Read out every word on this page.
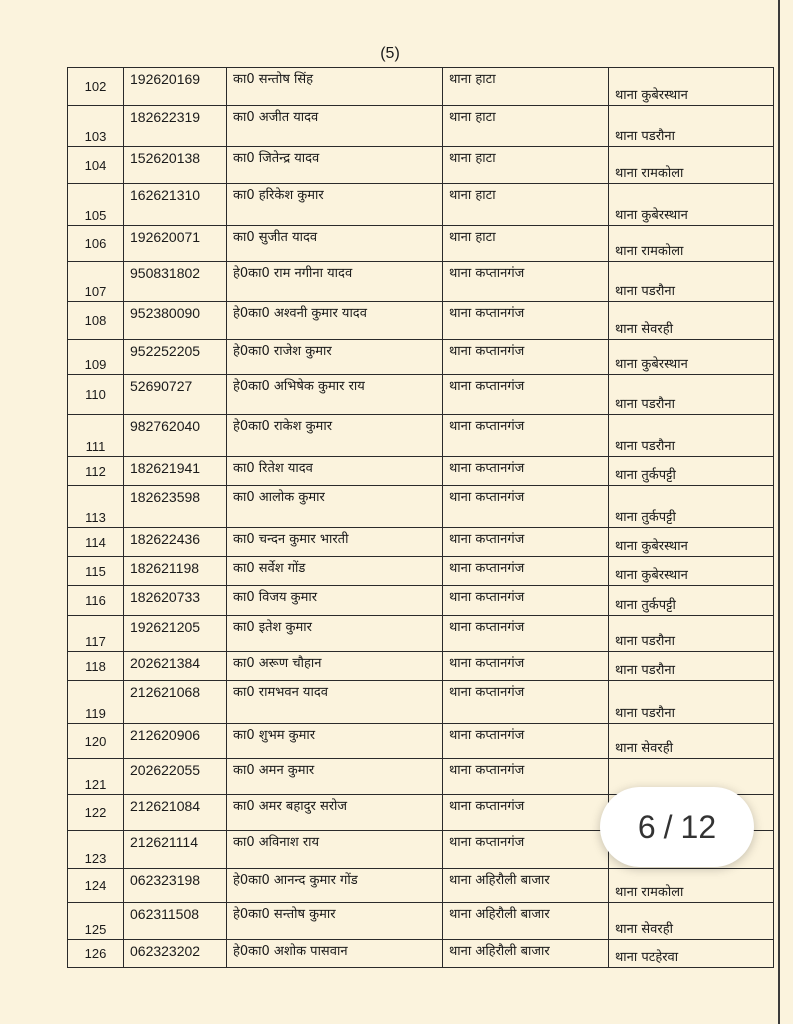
(5)
102	192620169	का0 सन्तोष सिंह	थाना हाटा	थाना कुबेरस्थान
103	182622319	का0 अजीत यादव	थाना हाटा	थाना पडरौना
104	152620138	का0 जितेन्द्र यादव	थाना हाटा	थाना रामकोला
105	162621310	का0 हरिकेश कुमार	थाना हाटा	थाना कुबेरस्थान
106	192620071	का0 सुजीत यादव	थाना हाटा	थाना रामकोला
107	950831802	हे0का0 राम नगीना यादव	थाना कप्तानगंज	थाना पडरौना
108	952380090	हे0का0 अश्वनी कुमार यादव	थाना कप्तानगंज	थाना सेवरही
109	952252205	हे0का0 राजेश कुमार	थाना कप्तानगंज	थाना कुबेरस्थान
110	52690727	हे0का0 अभिषेक कुमार राय	थाना कप्तानगंज	थाना पडरौना
111	982762040	हे0का0 राकेश कुमार	थाना कप्तानगंज	थाना पडरौना
112	182621941	का0 रितेश यादव	थाना कप्तानगंज	थाना तुर्कपट्टी
113	182623598	का0 आलोक कुमार	थाना कप्तानगंज	थाना तुर्कपट्टी
114	182622436	का0 चन्दन कुमार भारती	थाना कप्तानगंज	थाना कुबेरस्थान
115	182621198	का0 सर्वेश गोंड	थाना कप्तानगंज	थाना कुबेरस्थान
116	182620733	का0 विजय कुमार	थाना कप्तानगंज	थाना तुर्कपट्टी
117	192621205	का0 इतेश कुमार	थाना कप्तानगंज	थाना पडरौना
118	202621384	का0 अरूण चौहान	थाना कप्तानगंज	थाना पडरौना
119	212621068	का0 रामभवन यादव	थाना कप्तानगंज	थाना पडरौना
120	212620906	का0 शुभम कुमार	थाना कप्तानगंज	थाना सेवरही
121	202622055	का0 अमन कुमार	थाना कप्तानगंज	
122	212621084	का0 अमर बहादुर सरोज	थाना कप्तानगंज	
123	212621114	का0 अविनाश राय	थाना कप्तानगंज	
124	062323198	हे0का0 आनन्द कुमार गोंड	थाना अहिरौली बाजार	थाना रामकोला
125	062311508	हे0का0 सन्तोष कुमार	थाना अहिरौली बाजार	थाना सेवरही
126	062323202	हे0का0 अशोक पासवान	थाना अहिरौली बाजार	थाना पटहेरवा
6 / 12
